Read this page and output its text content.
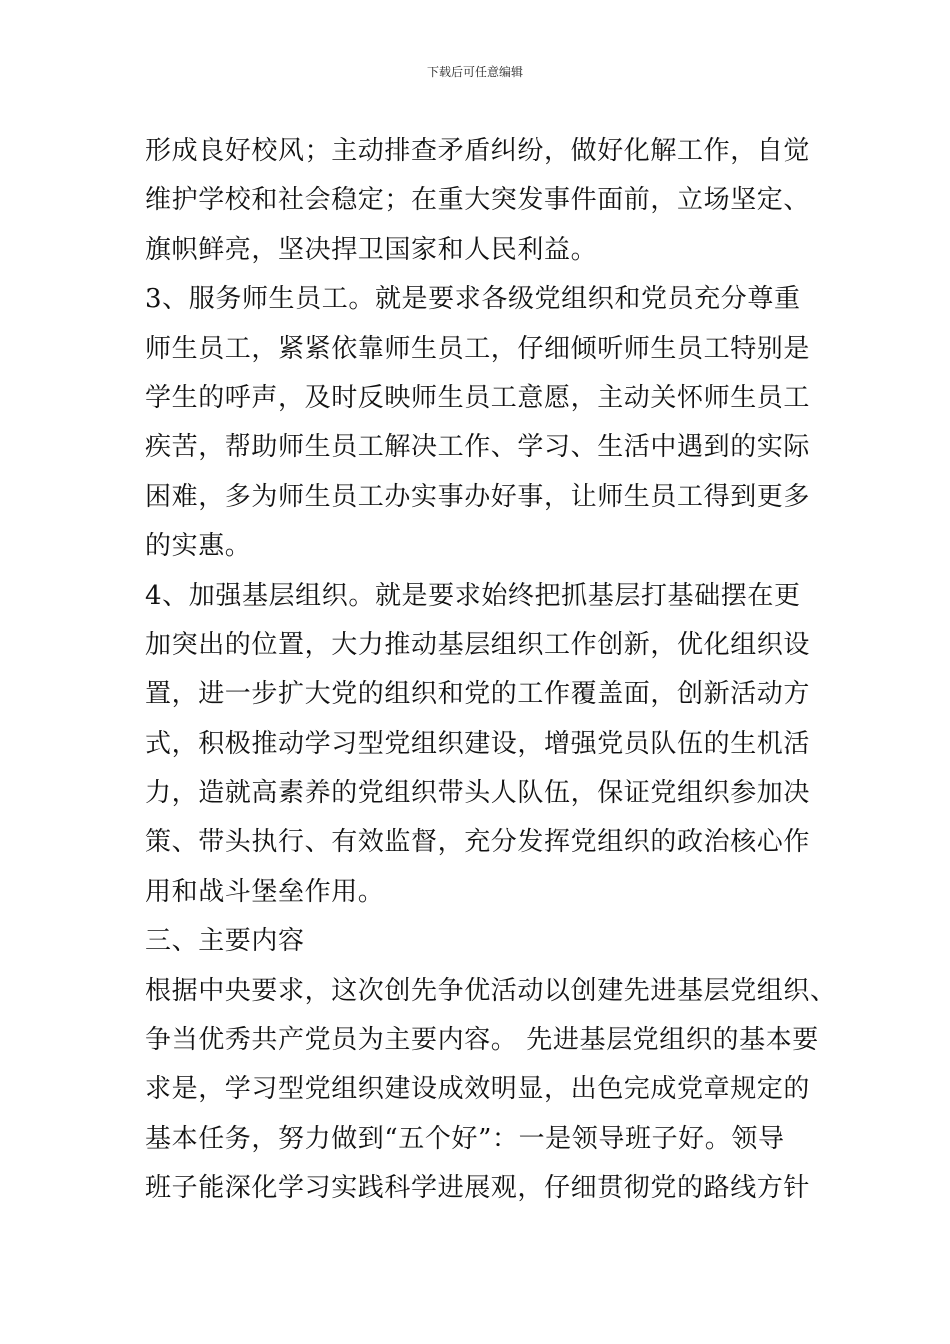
下载后可任意编辑
形成良好校风；主动排查矛盾纠纷，做好化解工作，自觉
维护学校和社会稳定；在重大突发事件面前，立场坚定、
旗帜鲜亮，坚决捍卫国家和人民利益。
3、服务师生员工。就是要求各级党组织和党员充分尊重
师生员工，紧紧依靠师生员工，仔细倾听师生员工特别是
学生的呼声，及时反映师生员工意愿，主动关怀师生员工
疾苦，帮助师生员工解决工作、学习、生活中遇到的实际
困难，多为师生员工办实事办好事，让师生员工得到更多
的实惠。
4、加强基层组织。就是要求始终把抓基层打基础摆在更
加突出的位置，大力推动基层组织工作创新，优化组织设
置，进一步扩大党的组织和党的工作覆盖面，创新活动方
式，积极推动学习型党组织建设，增强党员队伍的生机活
力，造就高素养的党组织带头人队伍，保证党组织参加决
策、带头执行、有效监督，充分发挥党组织的政治核心作
用和战斗堡垒作用。
三、主要内容
根据中央要求，这次创先争优活动以创建先进基层党组织、
争当优秀共产党员为主要内容。 先进基层党组织的基本要
求是，学习型党组织建设成效明显，出色完成党章规定的
基本任务，努力做到“五个好”：一是领导班子好。领导
班子能深化学习实践科学进展观，仔细贯彻党的路线方针
